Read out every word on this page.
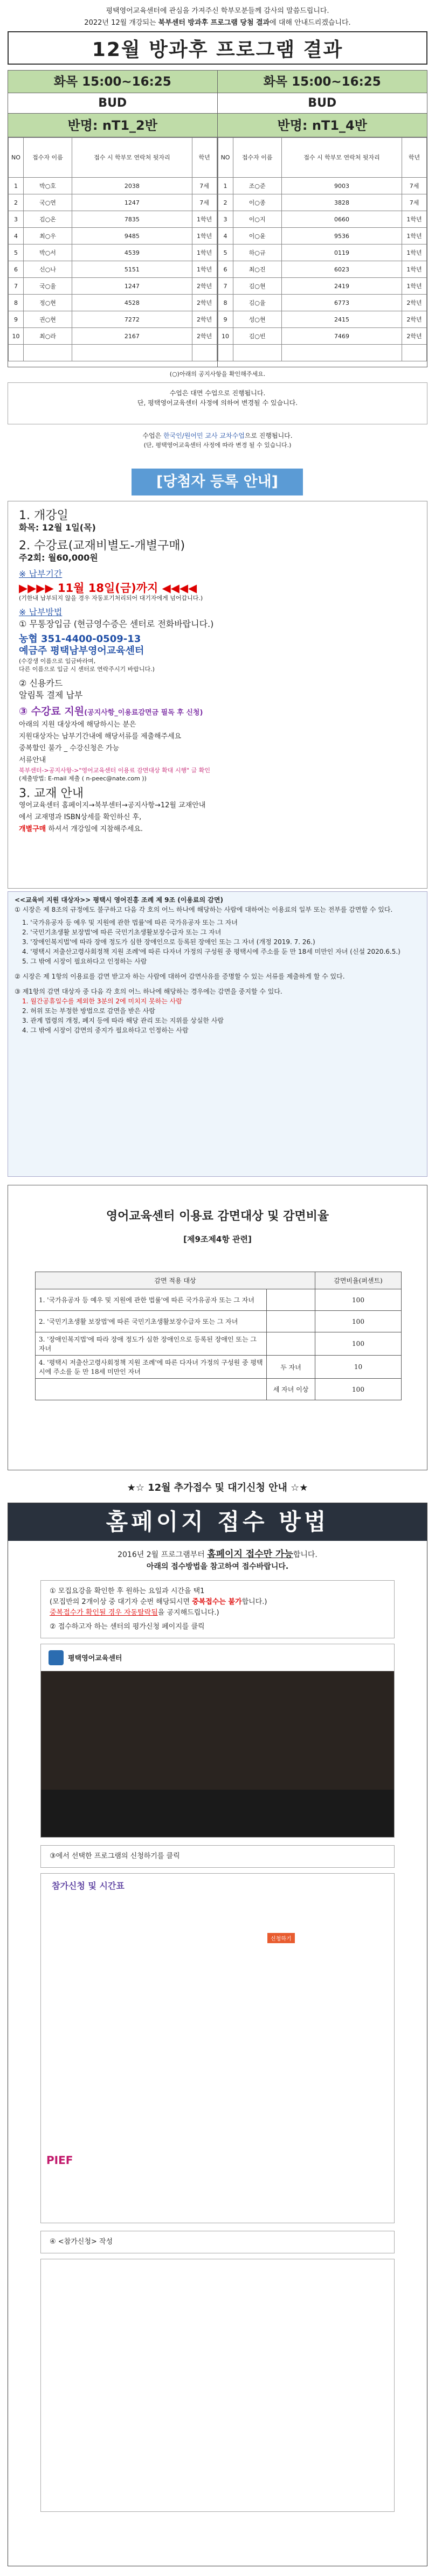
평택영어교육센터에 관심을 가져주신 학부모분들께 감사의 말씀드립니다.
2022년 12월 개강되는 북부센터 방과후 프로그램 당첨 결과에 대해 안내드리겠습니다.
12월 방과후 프로그램 결과
화목 15:00~16:25
BUD
반명: nT1_2반
NO	접수자 이름	접수 시 학부모 연락처 뒷자리	학년
1	박○호	2038	7세
2	국○연	1247	7세
3	김○온	7835	1학년
4	최○우	9485	1학년
5	박○서	4539	1학년
6	신○나	5151	1학년
7	국○율	1247	2학년
8	정○현	4528	2학년
9	권○현	7272	2학년
10	최○라	2167	2학년

화목 15:00~16:25
BUD
반명: nT1_4반
NO	접수자 이름	접수 시 학부모 연락처 뒷자리	학년
1	조○준	9003	7세
2	이○종	3828	7세
3	이○지	0660	1학년
4	이○윤	9536	1학년
5	하○규	0119	1학년
6	최○진	6023	1학년
7	김○현	2419	1학년
8	김○율	6773	2학년
9	성○현	2415	2학년
10	김○빈	7469	2학년

(○)아래의 공지사항을 확인해주세요.
수업은 대면 수업으로 진행됩니다.
단, 평택영어교육센터 사정에 의하여 변경될 수 있습니다.
수업은 한국인/원어민 교사 교차수업으로 진행됩니다.
(단, 평택영어교육센터 사정에 따라 변경 될 수 있습니다.)
[당첨자 등록 안내]
1. 개강일
화목: 12월 1일(목)
2. 수강료(교재비별도-개별구매)
주2회: 월60,000원
※ 납부기간
▶▶▶▶ 11월 18일(금)까지 ◀◀◀◀
(기한내 납부되지 않을 경우 자동포기처리되어 대기자에게 넘어갑니다.)
※ 납부방법
① 무통장입금 (현금영수증은 센터로 전화바랍니다.)
농협 351-4400-0509-13
예금주 평택남부영어교육센터
(수강생 이름으로 입금바라며,
다른 이름으로 입금 시 센터로 연락주시기 바랍니다.)
② 신용카드
알림톡 결제 납부
③ 수강료 지원(공지사항_이용료감면금 필독 후 신청)
아래의 지원 대상자에 해당하시는 분은
지원대상자는 납부기간내에 해당서류를 제출해주세요
중복할인 불가 _ 수강신청은 가능
서류안내
북부센터->공지사항->"영어교육센터 이용료 감면대상 확대 시행" 글 확인
(제출방법: E-mail 제출 ( n-peec@nate.com ))
3. 교재 안내
영어교육센터 홈페이지→북부센터→공지사항→12월 교재안내
에서 교재명과 ISBN상세를 확인하신 후,
개별구매 하셔서 개강일에 지참해주세요.
<<교육비 지원 대상자>> 평택시 영어진흥 조례 제 9조 (이용료의 감면)
① 시장은 제 8조의 규정에도 불구하고 다음 각 호의 어느 하나에 해당하는 사람에 대하여는 이용료의 일부 또는 전부를 감면할 수 있다.
1. '국가유공자 등 예우 및 지원에 관한 법률'에 따른 국가유공자 또는 그 자녀
2. '국민기초생활 보장법'에 따른 국민기초생활보장수급자 또는 그 자녀
3. '장애인복지법'에 따라 장애 정도가 심한 장애인으로 등록된 장애인 또는 그 자녀 (개정 2019. 7. 26.)
4. '평택시 저출산고령사회정책 지원 조례'에 따른 다자녀 가정의 구성원 중 평택시에 주소를 둔 만 18세 미만인 자녀 (신설 2020.6.5.)
5. 그 밖에 시장이 필요하다고 인정하는 사람
② 시장은 제 1항의 이용료를 감면 받고자 하는 사람에 대하여 감면사유를 증명할 수 있는 서류를 제출하게 할 수 있다.
③ 제1항의 감면 대상자 중 다음 각 호의 어느 하나에 해당하는 경우에는 감면을 중지할 수 있다.
1. 월간공휴일수를 제외한 3분의 2에 미치지 못하는 사람
2. 허위 또는 부정한 방법으로 감면을 받은 사람
3. 관계 법령의 개정, 폐지 등에 따라 해당 관리 또는 지위를 상실한 사람
4. 그 밖에 시장이 감면의 중지가 필요하다고 인정하는 사람
영어교육센터 이용료 감면대상 및 감면비율
[제9조제4항 관련]
감면 적용 대상		감면비율(퍼센트)
1. '국가유공자 등 예우 및 지원에 관한 법률'에 따른 국가유공자 또는 그 자녀		100
2. '국민기초생활 보장법'에 따른 국민기초생활보장수급자 또는 그 자녀		100
3. '장애인복지법'에 따라 장애 정도가 심한 장애인으로 등록된 장애인 또는 그 자녀		100
4. '평택시 저출산고령사회정책 지원 조례'에 따른 다자녀 가정의 구성원 중 평택시에 주소를 둔 만 18세 미만인 자녀	두 자녀	10
	세 자녀 이상	100
★☆ 12월 추가접수 및 대기신청 안내 ☆★
홈페이지 접수 방법
2016년 2월 프로그램부터 홈페이지 접수만 가능합니다.
아래의 접수방법을 참고하여 접수바랍니다.
① 모집요강을 확인한 후 원하는 요일과 시간을 택1
(모집반의 2개이상 중 대기자 순번 해당되시면 중복접수는 불가합니다.)
중복접수가 확인될 경우 자동탈락됨을 공지해드립니다.)
② 접수하고자 하는 센터의 평가신청 페이지를 클릭
평택영어교육센터
③에서 선택한 프로그램의 신청하기를 클릭
참가신청 및 시간표
신청하기
PIEF
④ <참가신청> 작성
